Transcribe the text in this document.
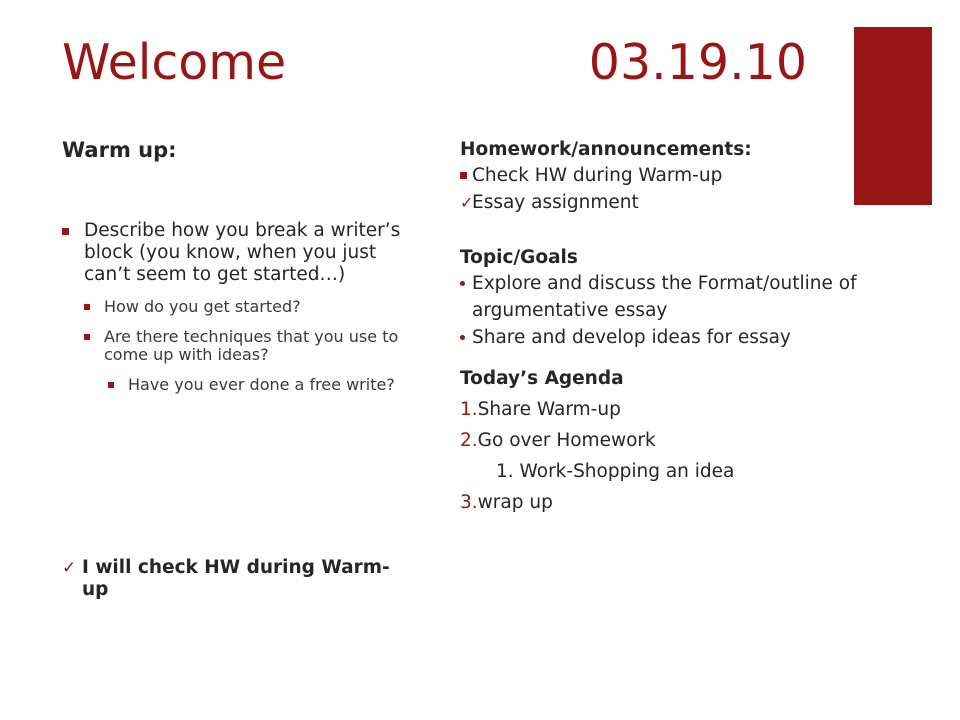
Welcome	03.19.10
Warm up:
Describe how you break a writer’s block (you know, when you just can’t seem to get started…)
How do you get started?
Are there techniques that you use to come up with ideas?
Have you ever done a free write?
✓ I will check HW during Warm-up
Homework/announcements:
Check HW during Warm-up
✓
Essay assignment
Topic/Goals
Explore and discuss the Format/outline of argumentative essay
Share and develop ideas for essay
Today’s Agenda
1.Share Warm-up
2.Go over Homework
1. Work-Shopping an idea
3.wrap up
